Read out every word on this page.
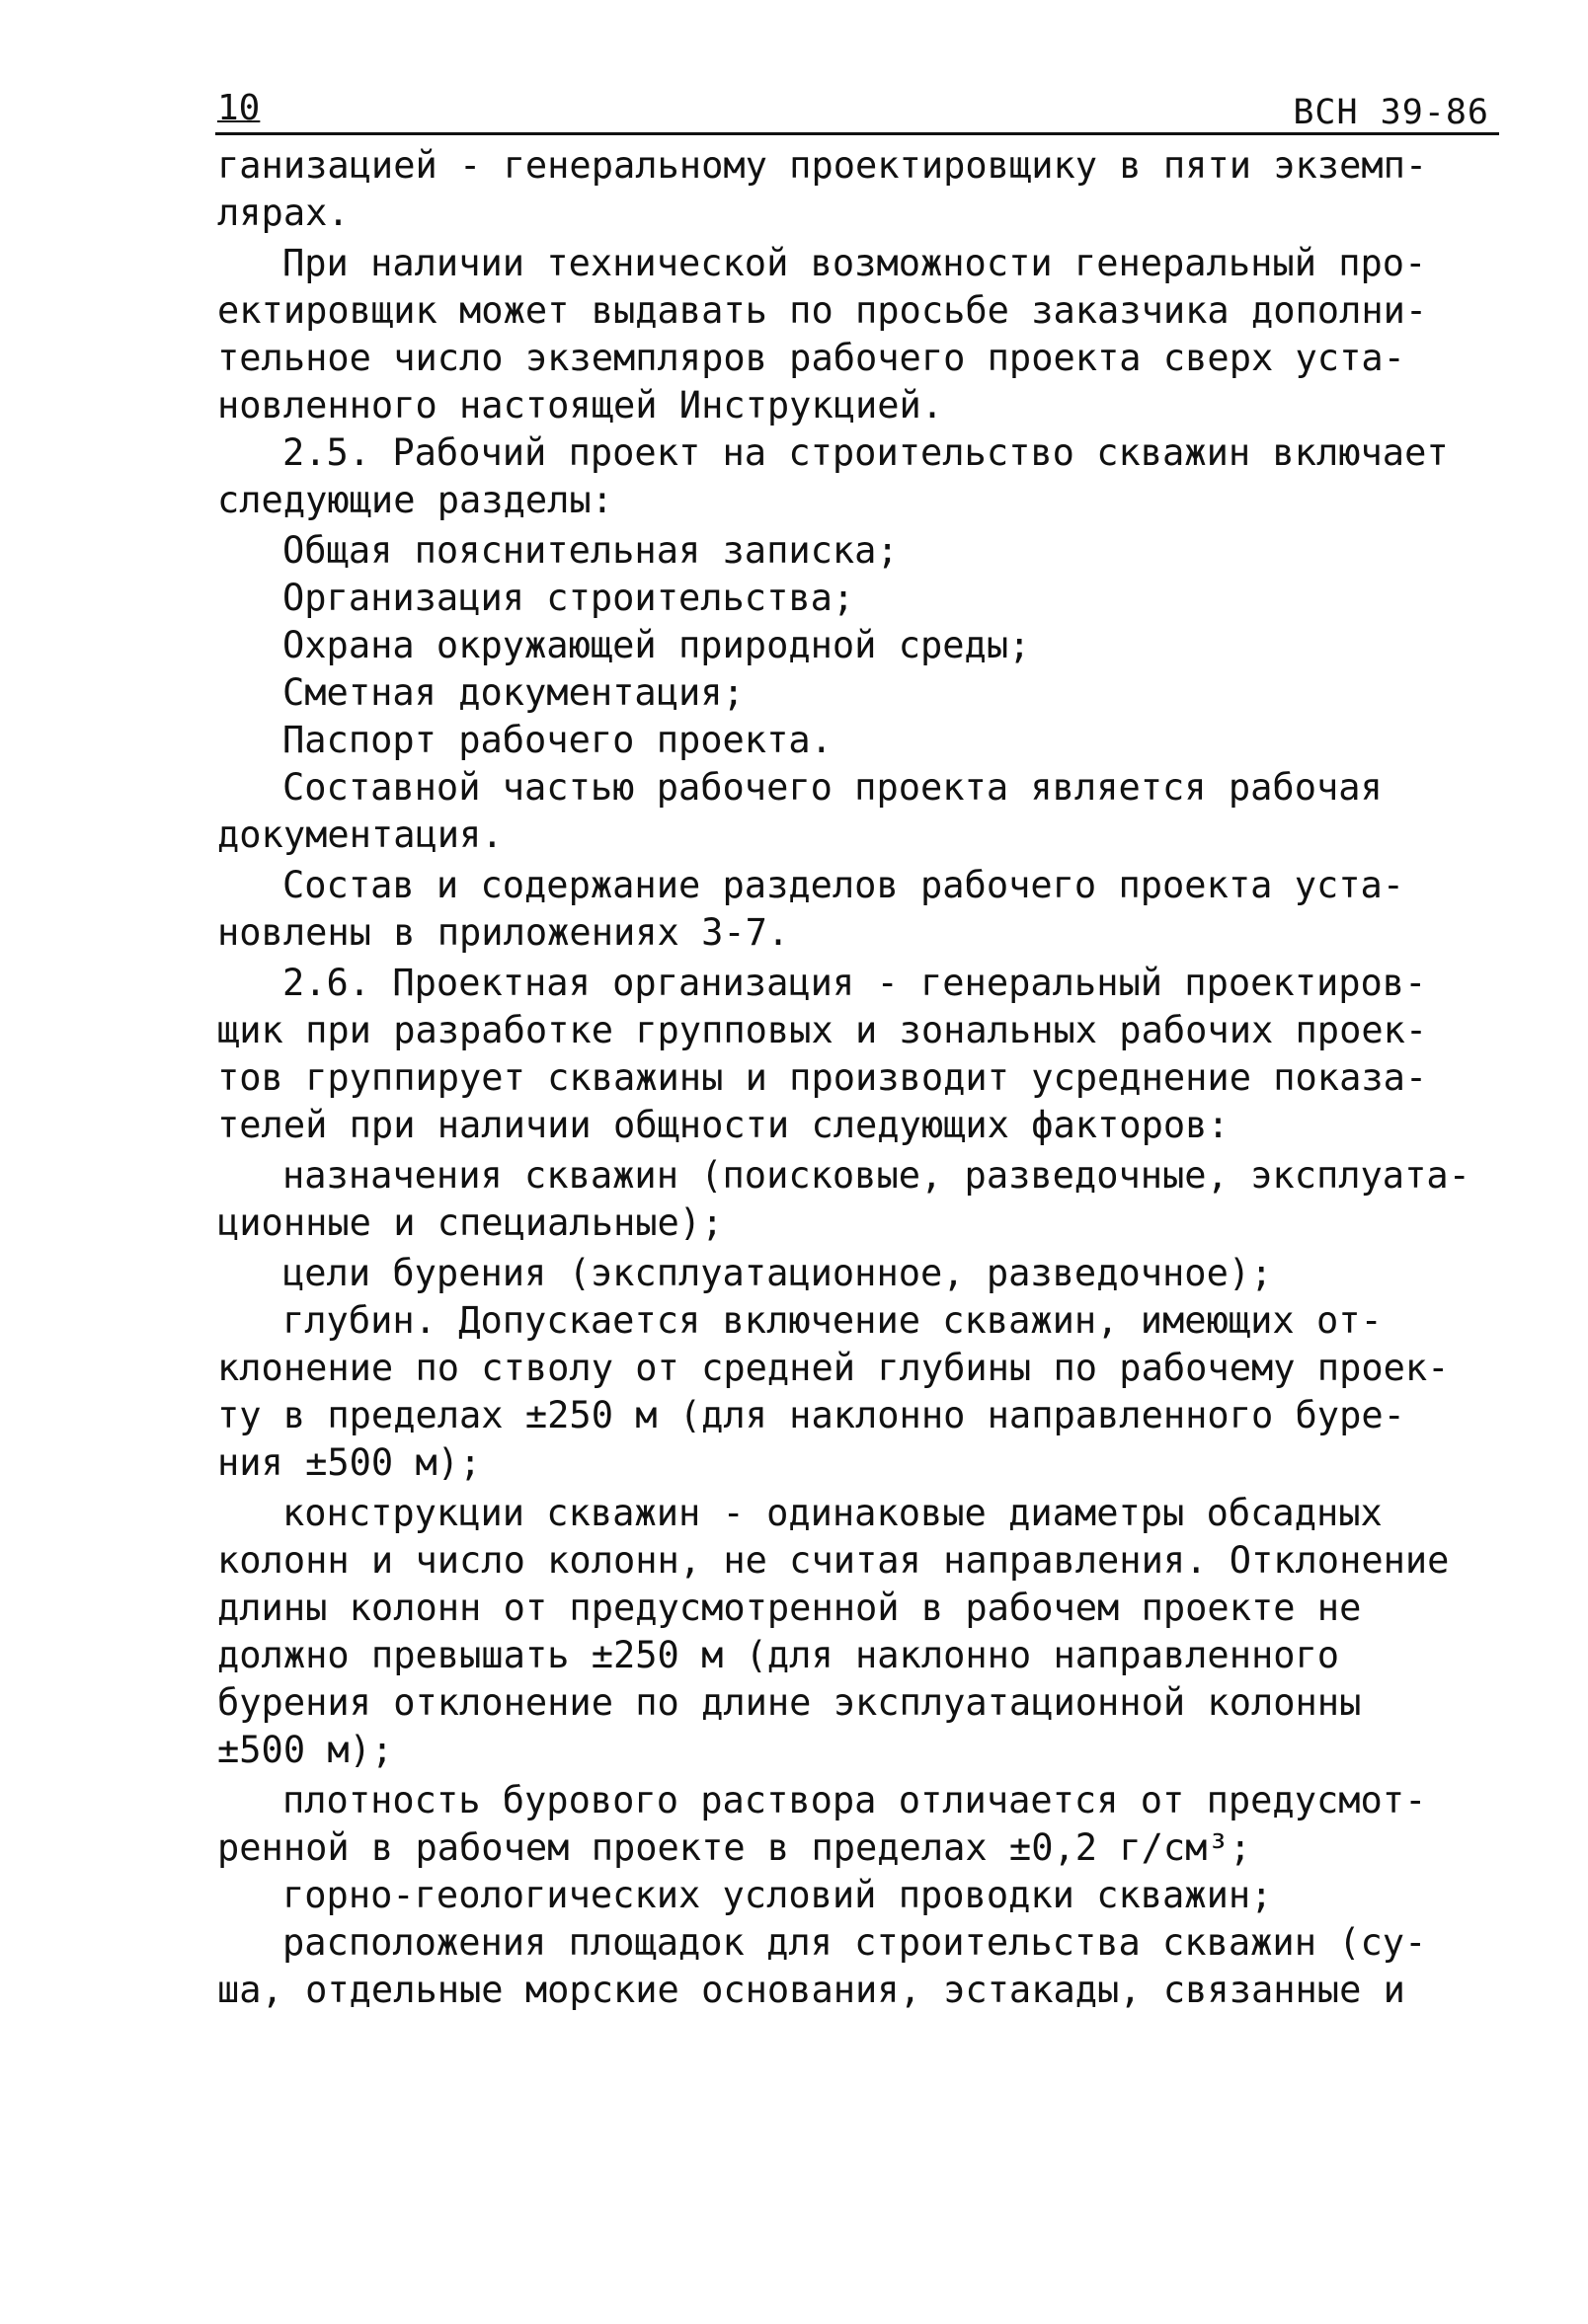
10	ВСН 39-86
ганизацией - генеральному проектировщику в пяти экземп-
лярах.
При наличии технической возможности генеральный про-
ектировщик может выдавать по просьбе заказчика дополни-
тельное число экземпляров рабочего проекта сверх уста-
новленного настоящей Инструкцией.
2.5. Рабочий проект на строительство скважин включает
следующие разделы:
Общая пояснительная записка;
Организация строительства;
Охрана окружающей природной среды;
Сметная документация;
Паспорт рабочего проекта.
Составной частью рабочего проекта является рабочая
документация.
Состав и содержание разделов рабочего проекта уста-
новлены в приложениях 3-7.
2.6. Проектная организация - генеральный проектиров-
щик при разработке групповых и зональных рабочих проек-
тов группирует скважины и производит усреднение показа-
телей при наличии общности следующих факторов:
назначения скважин (поисковые, разведочные, эксплуата-
ционные и специальные);
цели бурения (эксплуатационное, разведочное);
глубин. Допускается включение скважин, имеющих от-
клонение по стволу от средней глубины по рабочему проек-
ту в пределах ±250 м (для наклонно направленного буре-
ния ±500 м);
конструкции скважин - одинаковые диаметры обсадных
колонн и число колонн, не считая направления. Отклонение
длины колонн от предусмотренной в рабочем проекте не
должно превышать ±250 м (для наклонно направленного
бурения отклонение по длине эксплуатационной колонны
±500 м);
плотность бурового раствора отличается от предусмот-
ренной в рабочем проекте в пределах ±0,2 г/см³;
горно-геологических условий проводки скважин;
расположения площадок для строительства скважин (су-
ша, отдельные морские основания, эстакады, связанные и
